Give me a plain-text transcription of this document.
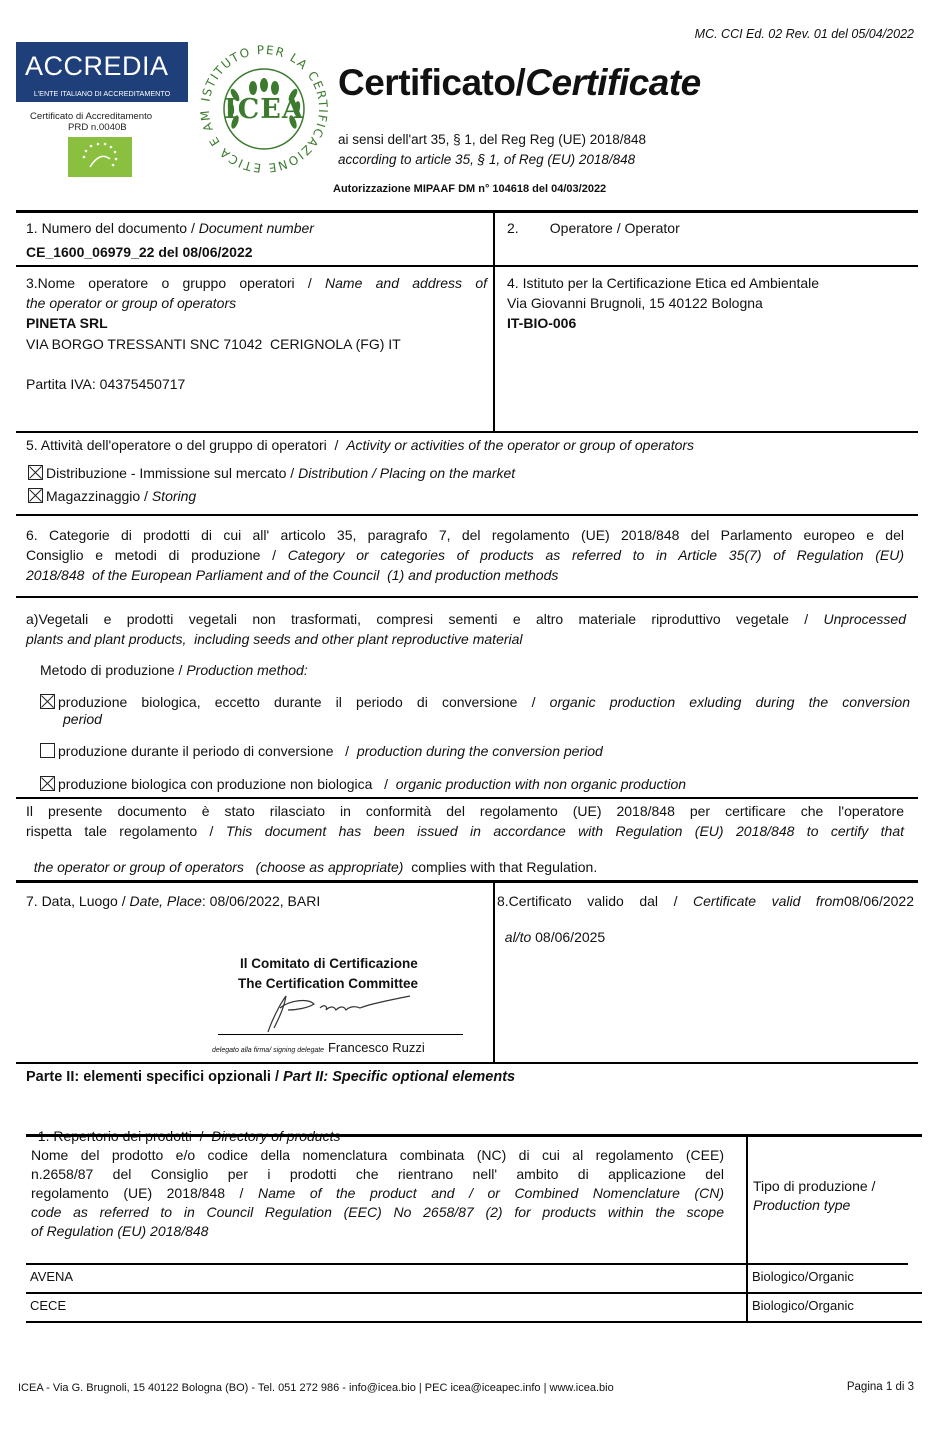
MC. CCI Ed. 02 Rev. 01 del 05/04/2022
ACCREDIA
L'ENTE ITALIANO DI ACCREDITAMENTO
Certificato di Accreditamento
PRD n.0040B
ISTITUTO PER LA CERTIFICAZIONE ETICA E AM ICEA
Certificato/Certificate
ai sensi dell'art 35, § 1, del Reg Reg (UE) 2018/848
according to article 35, § 1, of Reg (EU) 2018/848
Autorizzazione MIPAAF DM n° 104618 del 04/03/2022
1. Numero del documento / Document number
CE_1600_06979_22 del 08/06/2022
2.        Operatore / Operator
3.Nome operatore o gruppo operatori / Name and address of
the operator or group of operators
PINETA SRL
VIA BORGO TRESSANTI SNC 71042  CERIGNOLA (FG) IT
Partita IVA: 04375450717
4. Istituto per la Certificazione Etica ed Ambientale
Via Giovanni Brugnoli, 15 40122 Bologna
IT-BIO-006
5. Attività dell'operatore o del gruppo di operatori  /  Activity or activities of the operator or group of operators
Distribuzione - Immissione sul mercato / Distribution / Placing on the market
Magazzinaggio / Storing
6. Categorie di prodotti di cui all' articolo 35, paragrafo 7, del regolamento (UE) 2018/848 del Parlamento europeo e del
Consiglio e metodi di produzione / Category or categories of products as referred to in Article 35(7) of Regulation (EU)
2018/848  of the European Parliament and of the Council  (1) and production methods
a)Vegetali e prodotti vegetali non trasformati, compresi sementi e altro materiale riproduttivo vegetale / Unprocessed
plants and plant products,  including seeds and other plant reproductive material
Metodo di produzione / Production method:
produzione biologica, eccetto durante il periodo di conversione / organic production exluding during the conversion
period
produzione durante il periodo di conversione   /  production during the conversion period
produzione biologica con produzione non biologica   /  organic production with non organic production
Il presente documento è stato rilasciato in conformità del regolamento (UE) 2018/848 per certificare che l'operatore
rispetta tale regolamento / This document has been issued in accordance with Regulation (EU) 2018/848 to certify that

the operator or group of operators   (choose as appropriate)  complies with that Regulation.

7. Data, Luogo / Date, Place: 08/06/2022, BARI
Il Comitato di Certificazione
The Certification Committee
delegato alla firma/ signing delegate Francesco Ruzzi
8.Certificato valido dal / Certificate valid from08/06/2022

al/to 08/06/2025

Parte II: elementi specifici opzionali / Part II: Specific optional elements

Nome del prodotto e/o codice della nomenclatura combinata (NC) di cui al regolamento (CEE)
n.2658/87 del Consiglio per i prodotti che rientrano nell' ambito di applicazione del
regolamento (UE) 2018/848 / Name of the product and / or Combined Nomenclature (CN)
code as referred to in Council Regulation (EEC) No 2658/87 (2) for products within the scope
of Regulation (EU) 2018/848
Tipo di produzione /
Production type
AVENA	Biologico/Organic
CECE	Biologico/Organic
ICEA - Via G. Brugnoli, 15 40122 Bologna (BO) - Tel. 051 272 986 - info@icea.bio | PEC icea@iceapec.info | www.icea.bio	Pagina 1 di 3
